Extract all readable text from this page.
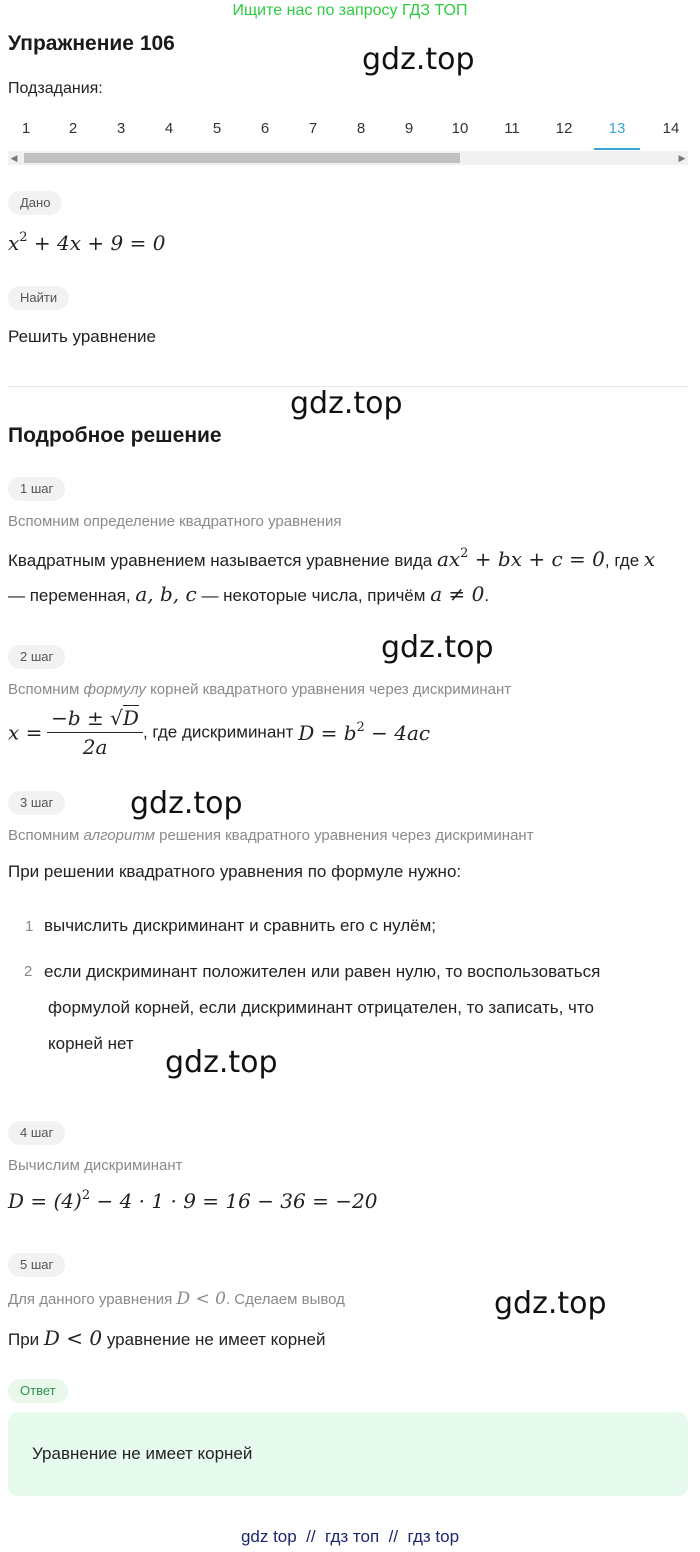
Ищите нас по запросу ГДЗ ТОП
Упражнение 106	gdz.top
Подзадания:
1	2	3	4	5	6	7	8	9	10	11	12	13	14
◀	▶
Дано
$x^2 + 4x + 9 = 0$
Найти
Решить уравнение
gdz.top
Подробное решение
1 шаг
Вспомним определение квадратного уравнения
Квадратным уравнением называется уравнение вида $ax^2$ + bx + c = 0, где x
— переменная, a, b, c — некоторые числа, причём a ≠ 0.
gdz.top
2 шаг
Вспомним формулу корней квадратного уравнения через дискриминант
$x = \frac{-b \pm √D}{2a}$ , где дискриминант $D = b^2 - 4ac$
3 шаг	gdz.top
Вспомним алгоритм решения квадратного уравнения через дискриминант
При решении квадратного уравнения по формуле нужно:
1 вычислить дискриминант и сравнить его с нулём;
2 если дискриминант положителен или равен нулю, то воспользоваться
формулой корней, если дискриминант отрицателен, то записать, что
корней нет
gdz.top
4 шаг
Вычислим дискриминант
$D = (4)^2 - 4 \cdot 1 \cdot 9 = 16 - 36 = -20$
5 шаг
Для данного уравнения D < 0. Сделаем вывод	gdz.top
При D < 0 уравнение не имеет корней
Ответ
Уравнение не имеет корней
gdz top  //  гдз топ  //  гдз top
